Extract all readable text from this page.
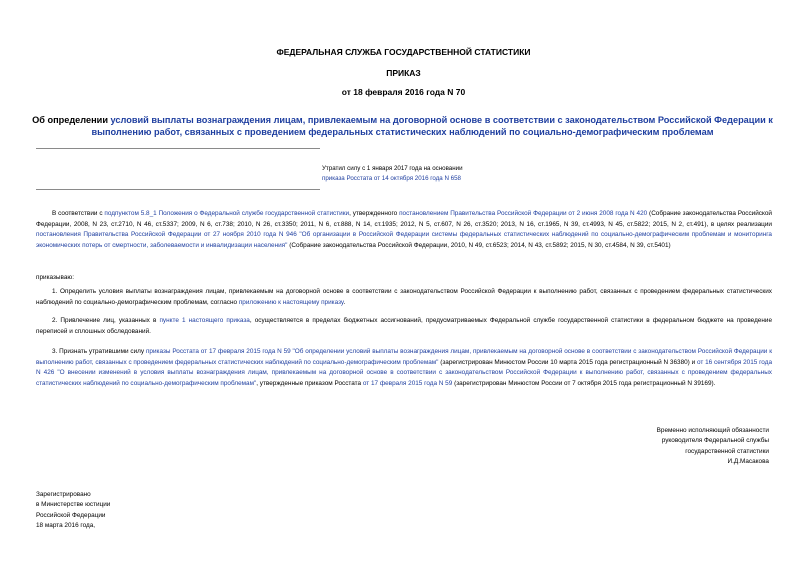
ФЕДЕРАЛЬНАЯ СЛУЖБА ГОСУДАРСТВЕННОЙ СТАТИСТИКИ
ПРИКАЗ
от 18 февраля 2016 года N 70
Об определении условий выплаты вознаграждения лицам, привлекаемым на договорной основе в соответствии с законодательством Российской Федерации к выполнению работ, связанных с проведением федеральных статистических наблюдений по социально-демографическим проблемам
Утратил силу с 1 января 2017 года на основании
приказа Росстата от 14 октября 2016 года N 658
В соответствии с подпунктом 5.8_1 Положения о Федеральной службе государственной статистики, утвержденного постановлением Правительства Российской Федерации от 2 июня 2008 года N 420 (Собрание законодательства Российской Федерации, 2008, N 23, ст.2710, N 46, ст.5337; 2009, N 6, ст.738; 2010, N 26, ст.3350; 2011, N 6, ст.888, N 14, ст.1935; 2012, N 5, ст.607, N 26, ст.3520; 2013, N 16, ст.1965, N 39, ст.4993, N 45, ст.5822; 2015, N 2, ст.491), в целях реализации постановления Правительства Российской Федерации от 27 ноября 2010 года N 946 "Об организации в Российской Федерации системы федеральных статистических наблюдений по социально-демографическим проблемам и мониторинга экономических потерь от смертности, заболеваемости и инвалидизации населения" (Собрание законодательства Российской Федерации, 2010, N 49, ст.6523; 2014, N 43, ст.5892; 2015, N 30, ст.4584, N 39, ст.5401)
приказываю:
1. Определить условия выплаты вознаграждения лицам, привлекаемым на договорной основе в соответствии с законодательством Российской Федерации к выполнению работ, связанных с проведением федеральных статистических наблюдений по социально-демографическим проблемам, согласно приложению к настоящему приказу.
2. Привлечение лиц, указанных в пункте 1 настоящего приказа, осуществляется в пределах бюджетных ассигнований, предусматриваемых Федеральной службе государственной статистики в федеральном бюджете на проведение переписей и сплошных обследований.
3. Признать утратившими силу приказы Росстата от 17 февраля 2015 года N 59 "Об определении условий выплаты вознаграждения лицам, привлекаемым на договорной основе в соответствии с законодательством Российской Федерации к выполнению работ, связанных с проведением федеральных статистических наблюдений по социально-демографическим проблемам" (зарегистрирован Минюстом России 10 марта 2015 года регистрационный N 36380) и от 16 сентября 2015 года N 426 "О внесении изменений в условия выплаты вознаграждения лицам, привлекаемым на договорной основе в соответствии с законодательством Российской Федерации к выполнению работ, связанных с проведением федеральных статистических наблюдений по социально-демографическим проблемам", утвержденные приказом Росстата от 17 февраля 2015 года N 59 (зарегистрирован Минюстом России от 7 октября 2015 года регистрационный N 39169).
Временно исполняющий обязанности
руководителя Федеральной службы
государственной статистики
И.Д.Масакова
Зарегистрировано
в Министерстве юстиции
Российской Федерации
18 марта 2016 года,
